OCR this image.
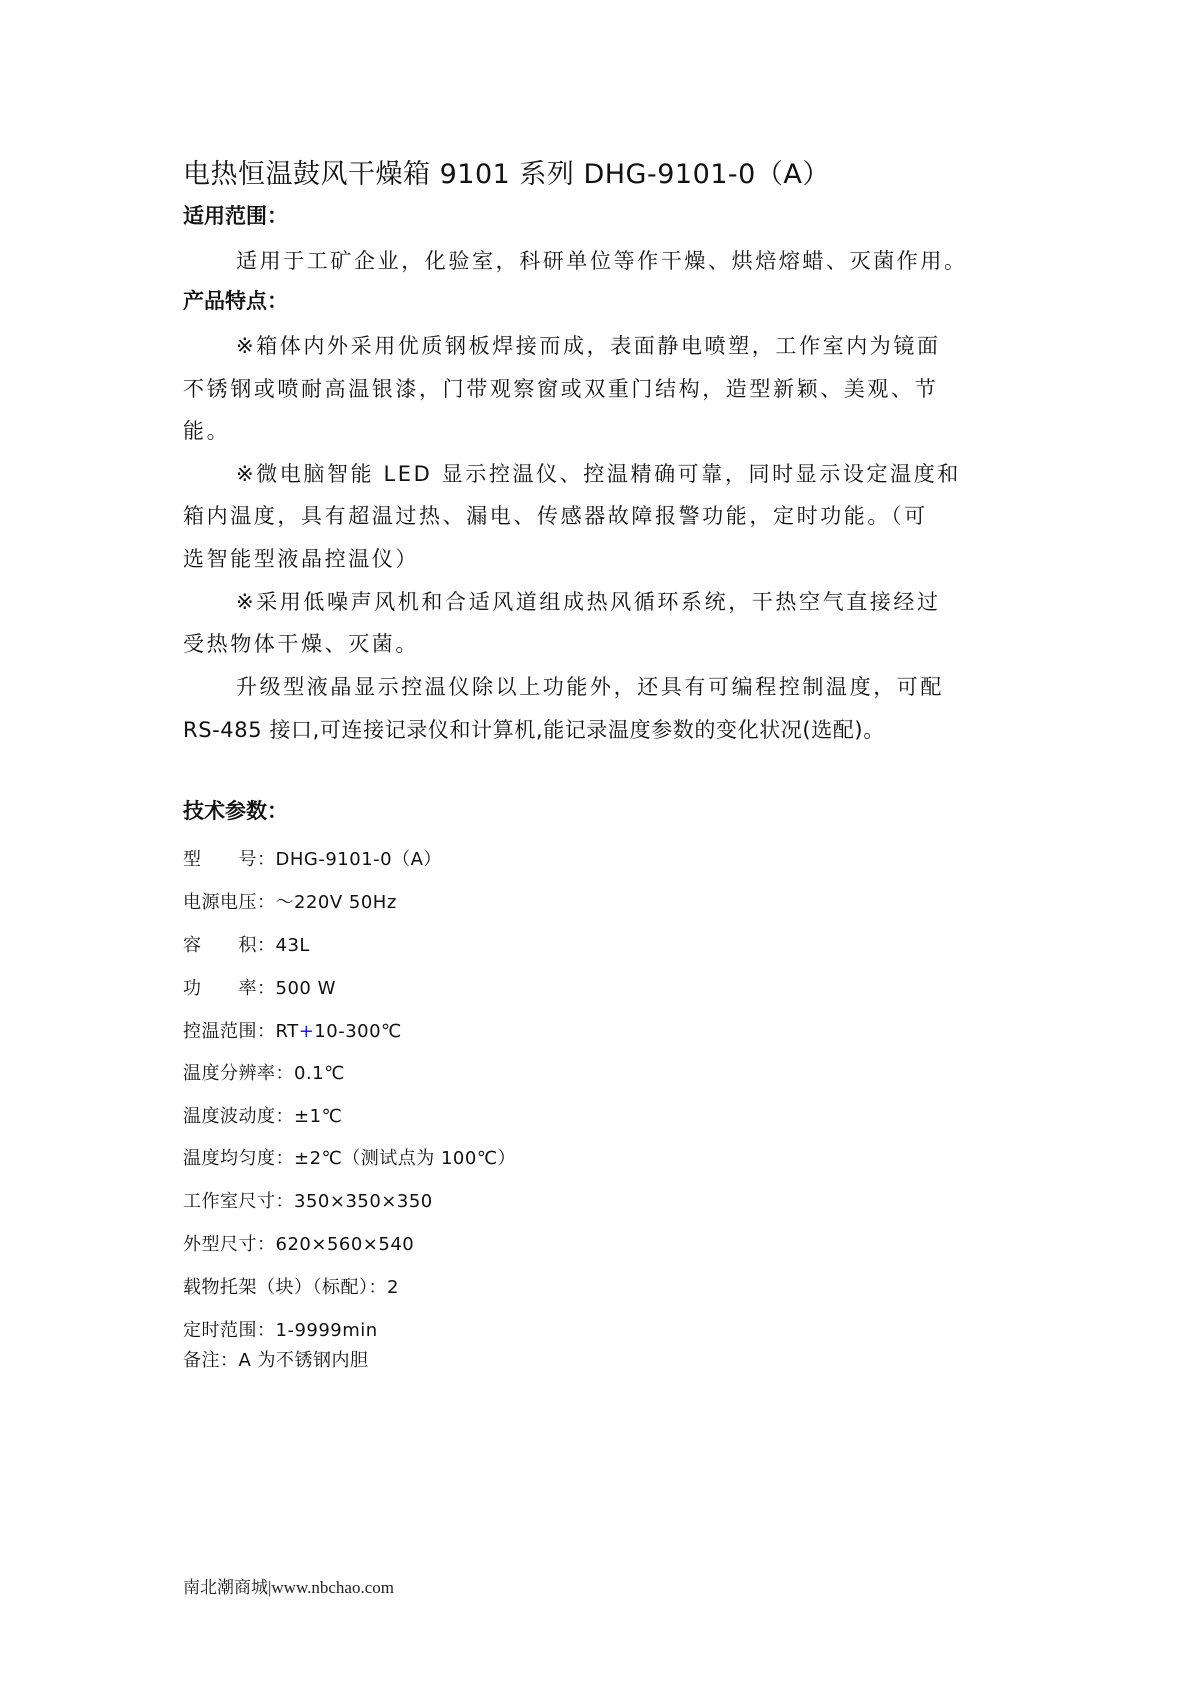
电热恒温鼓风干燥箱 9101 系列 DHG-9101-0（A）
适用范围：
适用于工矿企业，化验室，科研单位等作干燥、烘焙熔蜡、灭菌作用。
产品特点：
※箱体内外采用优质钢板焊接而成，表面静电喷塑，工作室内为镜面
不锈钢或喷耐高温银漆，门带观察窗或双重门结构，造型新颖、美观、节
能。
※微电脑智能 LED 显示控温仪、控温精确可靠，同时显示设定温度和
箱内温度，具有超温过热、漏电、传感器故障报警功能，定时功能。（可
选智能型液晶控温仪）
※采用低噪声风机和合适风道组成热风循环系统，干热空气直接经过
受热物体干燥、灭菌。
升级型液晶显示控温仪除以上功能外，还具有可编程控制温度，可配
RS-485 接口,可连接记录仪和计算机,能记录温度参数的变化状况(选配)。
技术参数：
型　　号：DHG-9101-0（A）
电源电压：～220V 50Hz
容　　积：43L
功　　率：500 W
控温范围：RT+10-300℃
温度分辨率：0.1℃
温度波动度：±1℃
温度均匀度：±2℃（测试点为 100℃）
工作室尺寸：350×350×350
外型尺寸：620×560×540
载物托架（块）（标配）：2
定时范围：1-9999min
备注：A 为不锈钢内胆
南北潮商城|www.nbchao.com
